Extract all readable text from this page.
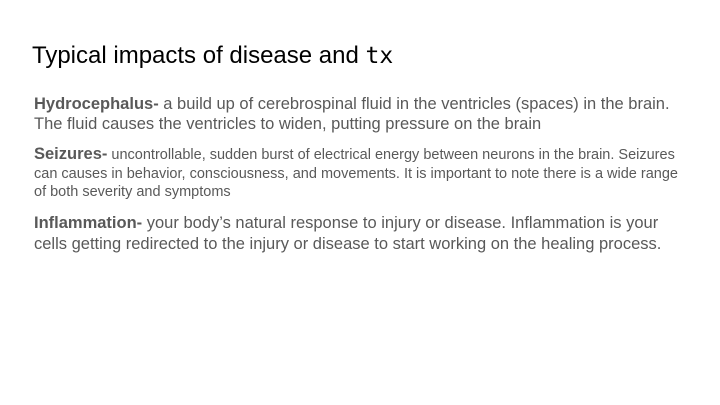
Typical impacts of disease and tx

Hydrocephalus- a build up of cerebrospinal fluid in the ventricles (spaces) in the brain. The fluid causes the ventricles to widen, putting pressure on the brain

Seizures- uncontrollable, sudden burst of electrical energy between neurons in the brain. Seizures can causes in behavior, consciousness, and movements. It is important to note there is a wide range of both severity and symptoms

Inflammation- your body’s natural response to injury or disease. Inflammation is your cells getting redirected to the injury or disease to start working on the healing process.
